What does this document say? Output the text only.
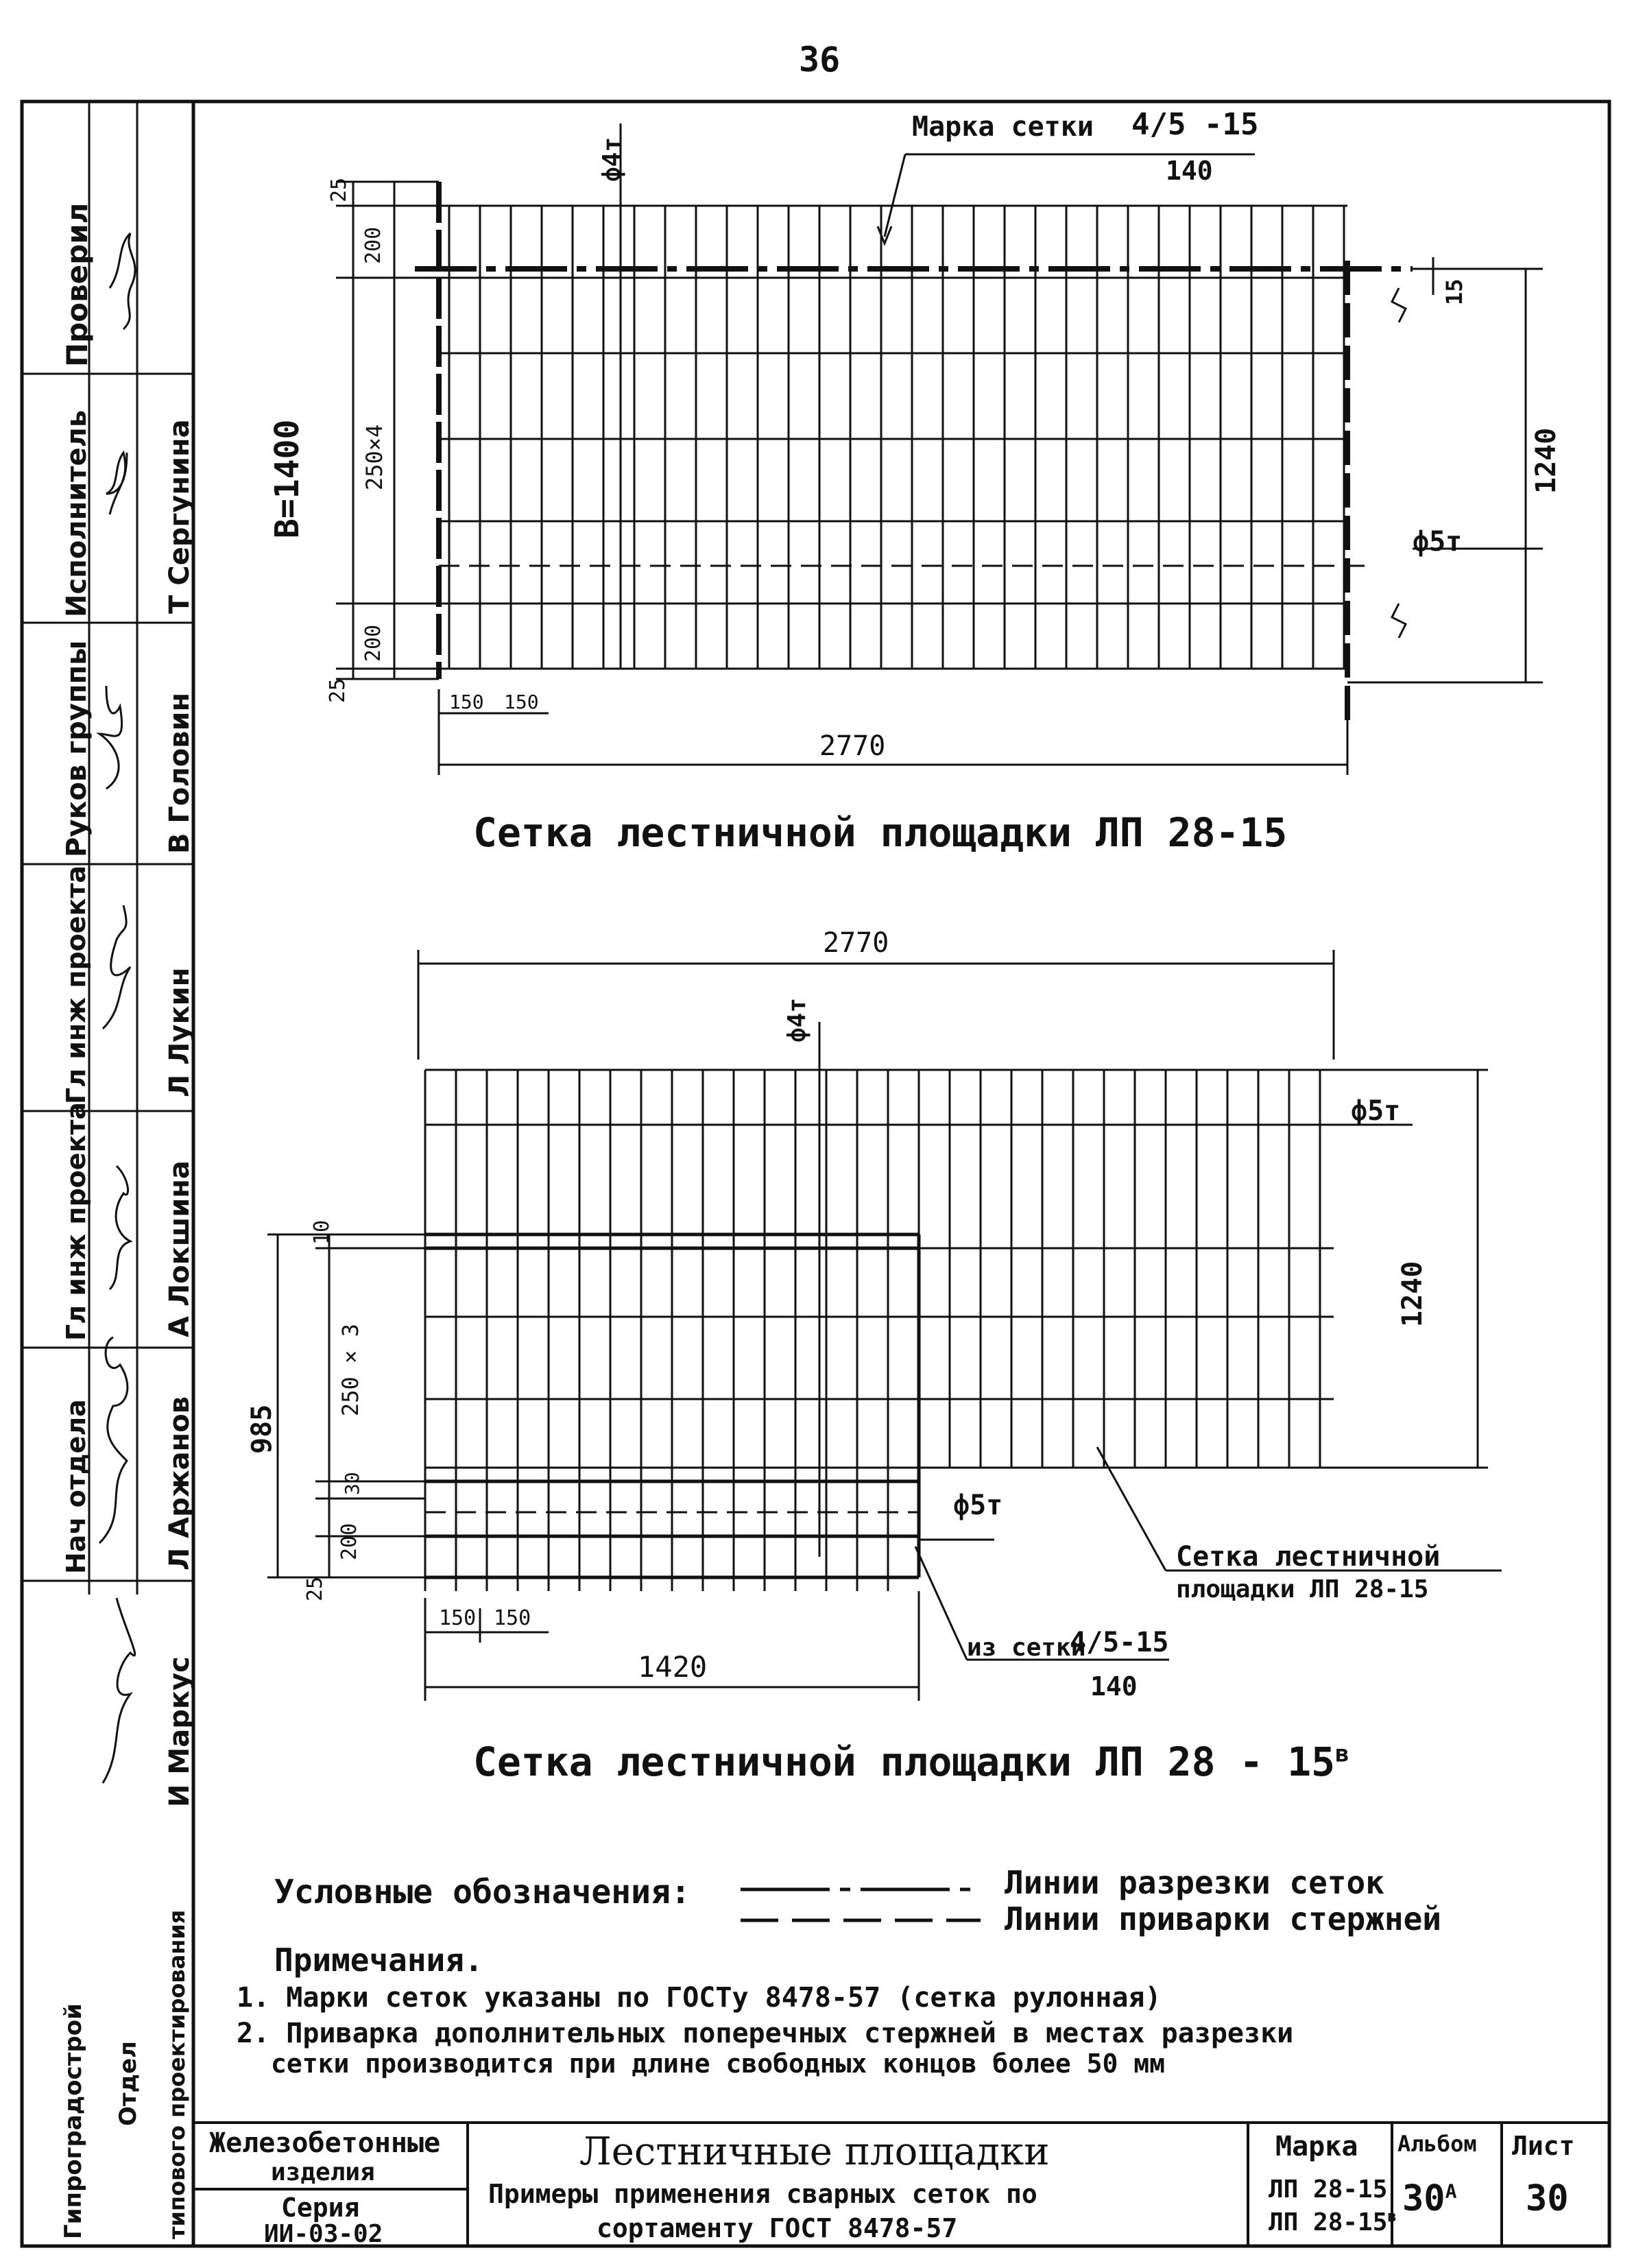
36
Проверил
Исполнитель
Руков группы
Гл инж проекта
Гл инж проекта
Нач отдела
Т Сергунина
В Головин
Л Лукин
А Локшина
Л Аржанов
И Маркус
Гипроградострой Отдел типового проектирования
Марка сетки 4/5 -15
140
ф4т
ф5т
B=1400
25
200
250×4
200
25
15
1240
150 150
2770
Сетка лестничной площадки ЛП 28-15
2770
ф4т
ф5т
ф5т
10
250 × 3
985
30
200
25
1240
150 150
1420
Сетка лестничной
площадки ЛП 28-15
из сетки
4/5-15
140
Сетка лестничной площадки ЛП $28 - 15^в$
Условные обозначения:	Линии разрезки сеток
Линии приварки стержней
Примечания.
1. Марки сеток указаны по ГОСТу 8478-57 (сетка рулонная)
2. Приварка дополнительных поперечных стержней в местах разрезки
сетки производится при длине свободных концов более 50 мм
Железобетонные
изделия
Серия
ИИ-03-02
Лестничные площадки
Примеры применения сварных сеток по
сортаменту ГОСТ 8478-57
Марка
ЛП 28-15
ЛП $28-15^в$
Альбом
$30^А$
Лист
30
